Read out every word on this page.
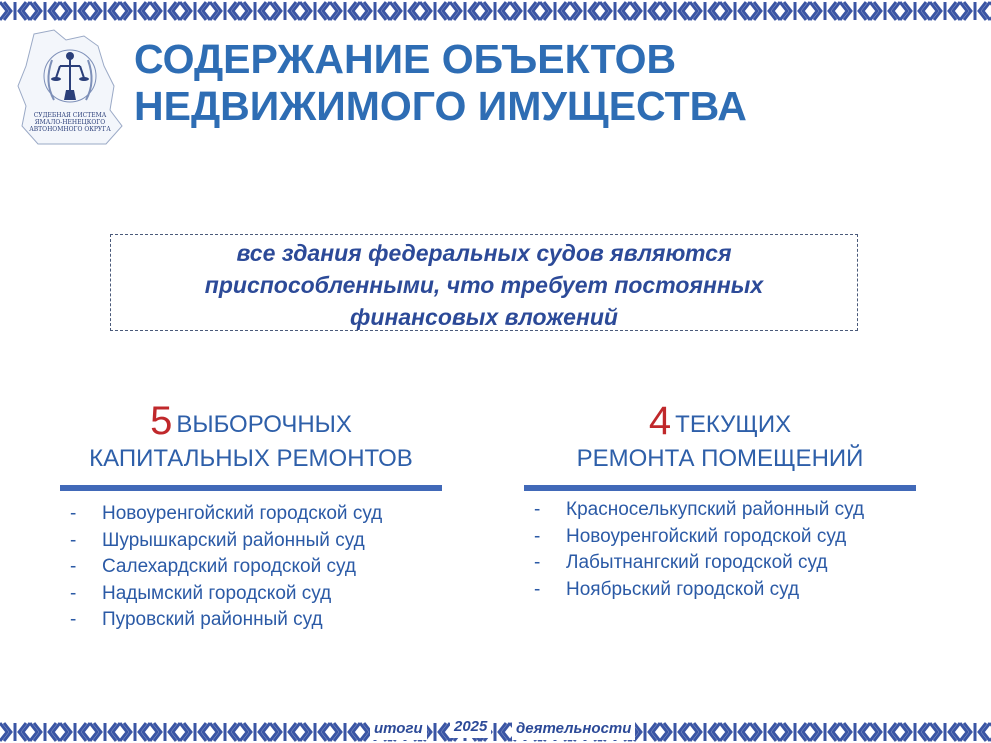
СУДЕБНАЯ СИСТЕМА
ЯМАЛО-НЕНЕЦКОГО
АВТОНОМНОГО ОКРУГА
СОДЕРЖАНИЕ ОБЪЕКТОВ
НЕДВИЖИМОГО ИМУЩЕСТВА
все здания федеральных судов являются
приспособленными, что требует постоянных
финансовых вложений
5 ВЫБОРОЧНЫХ
КАПИТАЛЬНЫХ РЕМОНТОВ
- Новоуренгойский городской суд
- Шурышкарский районный суд
- Салехардский городской суд
- Надымский городской суд
- Пуровский районный суд
4 ТЕКУЩИХ
РЕМОНТА ПОМЕЩЕНИЙ
- Красноселькупский районный суд
- Новоуренгойский городской суд
- Лабытнангский городской суд
- Ноябрьский городской суд
итоги 2025 деятельности
